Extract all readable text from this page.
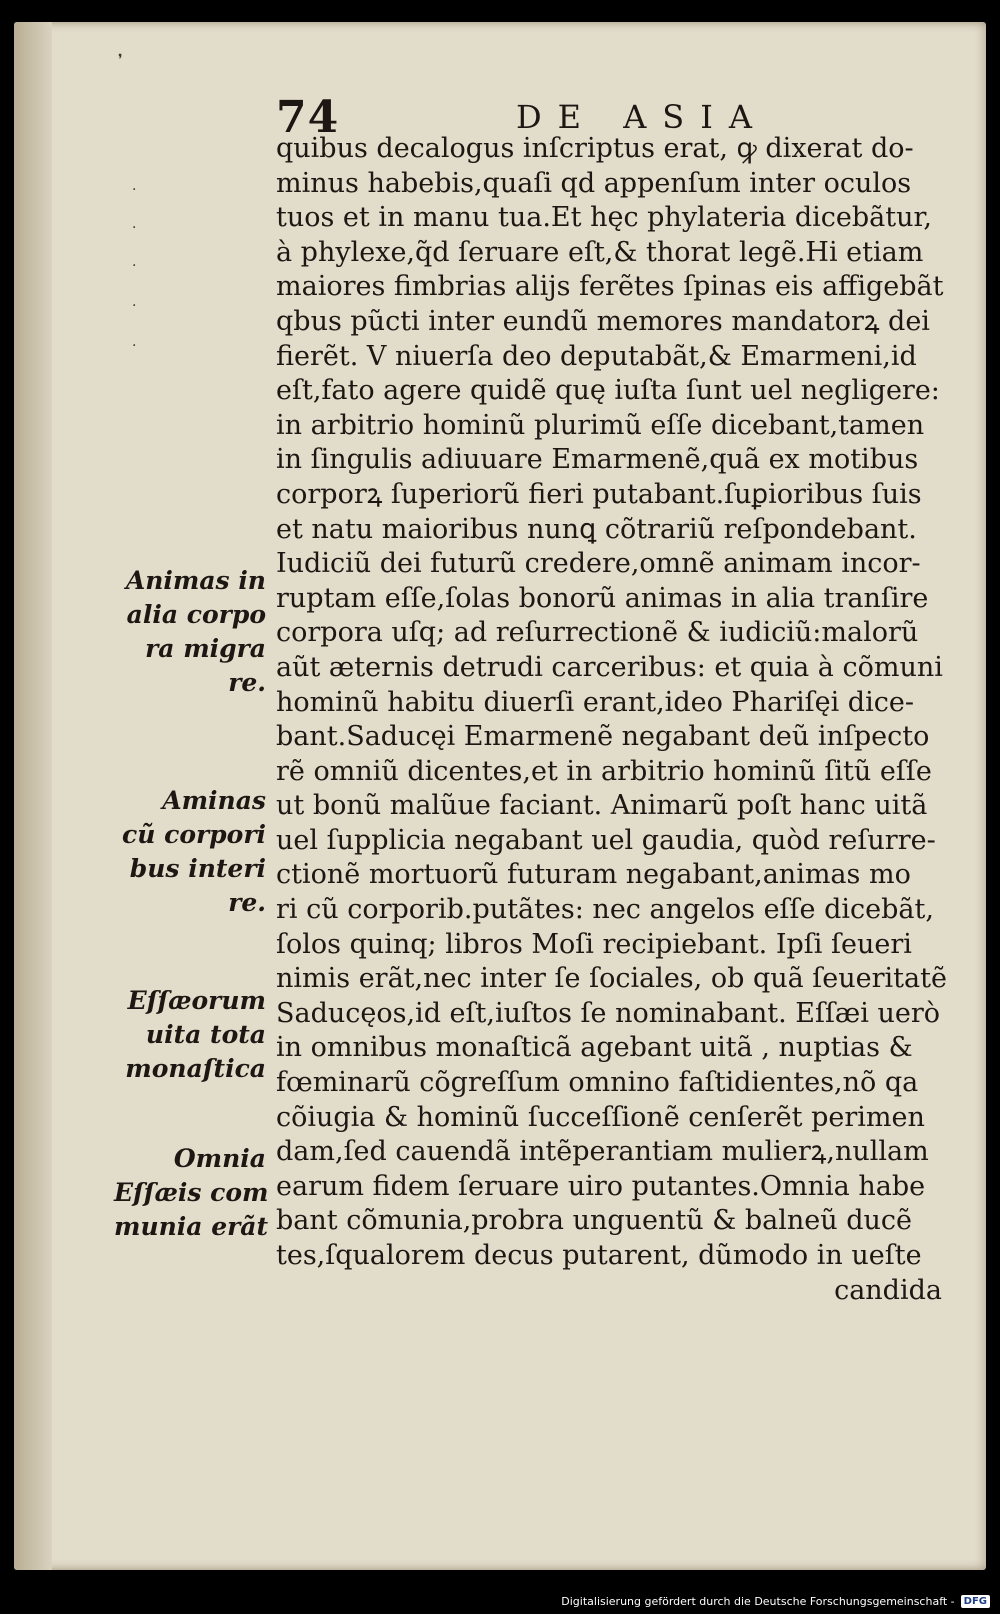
❜
·
·
·
·
·
74	DE ASIA
quibus decalogus inſcriptus erat, ꝙ dixerat do-
minus habebis,quaſi qd appenſum inter oculos
tuos et in manu tua.Et hęc phylateria dicebãtur,
à phylexe,q̃d ſeruare eſt,& thorat legẽ.Hi etiam
maiores fimbrias alijs ferẽtes ſpinas eis affigebãt
qbus pũcti inter eundũ memores mandatorꝝ dei
fierẽt. V niuerſa deo deputabãt,& Emarmeni,id
eſt,fato agere quidẽ quę iuſta ſunt uel negligere:
in arbitrio hominũ plurimũ eſſe dicebant,tamen
in ſingulis adiuuare Emarmenẽ,quã ex motibus
corporꝝ ſuperiorũ fieri putabant.ſuꝑioribus ſuis
et natu maioribus nunꝗ cõtrariũ reſpondebant.
Iudiciũ dei futurũ credere,omnẽ animam incor-
ruptam eſſe,ſolas bonorũ animas in alia tranſire
corpora uſq; ad reſurrectionẽ & iudiciũ:malorũ
aũt æternis detrudi carceribus: et quia à cõmuni
hominũ habitu diuerſi erant,ideo Phariſęi dice-
bant.Saducęi Emarmenẽ negabant deũ inſpecto
rẽ omniũ dicentes,et in arbitrio hominũ ſitũ eſſe
ut bonũ malũue faciant. Animarũ poſt hanc uitã
uel ſupplicia negabant uel gaudia, quòd reſurre-
ctionẽ mortuorũ futuram negabant,animas mo
ri cũ corporib.putãtes: nec angelos eſſe dicebãt,
ſolos quinq; libros Moſi recipiebant. Ipſi ſeueri
nimis erãt,nec inter ſe ſociales, ob quã ſeueritatẽ
Saducęos,id eſt,iuſtos ſe nominabant. Eſſæi uerò
in omnibus monaſticã agebant uitã , nuptias &
fœminarũ cõgreſſum omnino faſtidientes,nõ qa
cõiugia & hominũ ſucceſſionẽ cenſerẽt perimen
dam,ſed cauendã intẽperantiam mulierꝝ,nullam
earum fidem ſeruare uiro putantes.Omnia habe
bant cõmunia,probra unguentũ & balneũ ducẽ
tes,ſqualorem decus putarent, dũmodo in ueſte
candida
Animas in
alia corpo
ra migra
re.
Aminas
cũ corpori
bus interi
re.
Eſſæorum
uita tota
monaſtica
Omnia
Eſſæis com
muniа erãt
Digitalisierung gefördert durch die Deutsche Forschungsgemeinschaft - DFG
